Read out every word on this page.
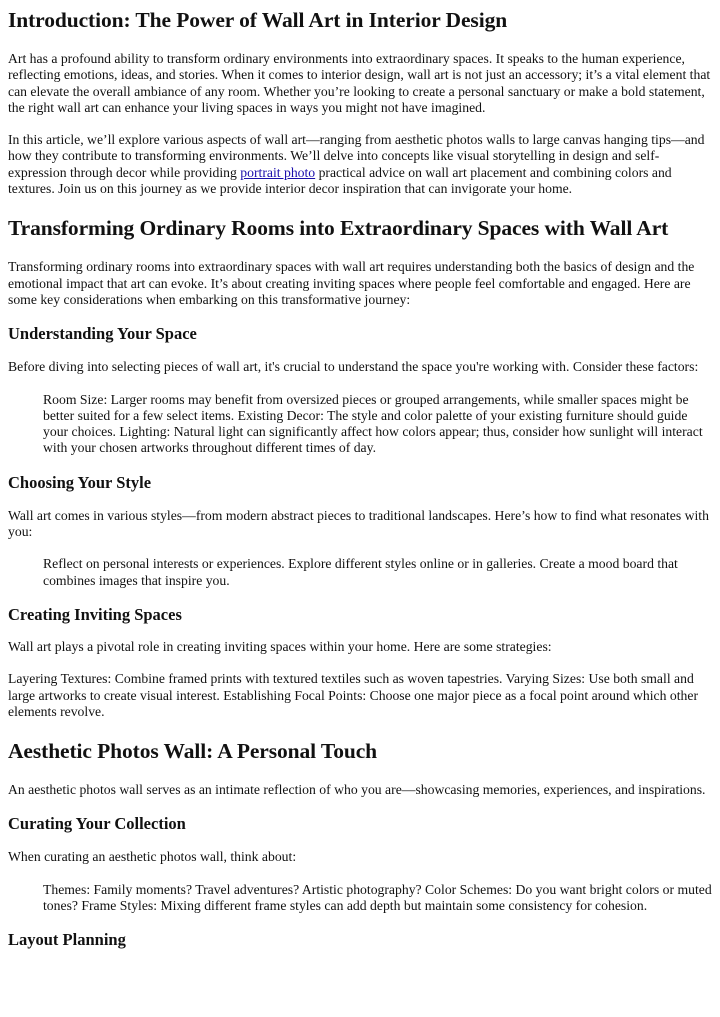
Introduction: The Power of Wall Art in Interior Design

Art has a profound ability to transform ordinary environments into extraordinary spaces. It speaks to the human experience, reflecting emotions, ideas, and stories. When it comes to interior design, wall art is not just an accessory; it’s a vital element that can elevate the overall ambiance of any room. Whether you’re looking to create a personal sanctuary or make a bold statement, the right wall art can enhance your living spaces in ways you might not have imagined.

In this article, we’ll explore various aspects of wall art—ranging from aesthetic photos walls to large canvas hanging tips—and how they contribute to transforming environments. We’ll delve into concepts like visual storytelling in design and self-expression through decor while providing portrait photo practical advice on wall art placement and combining colors and textures. Join us on this journey as we provide interior decor inspiration that can invigorate your home.

Transforming Ordinary Rooms into Extraordinary Spaces with Wall Art

Transforming ordinary rooms into extraordinary spaces with wall art requires understanding both the basics of design and the emotional impact that art can evoke. It’s about creating inviting spaces where people feel comfortable and engaged. Here are some key considerations when embarking on this transformative journey:

Understanding Your Space

Before diving into selecting pieces of wall art, it's crucial to understand the space you're working with. Consider these factors:

Room Size: Larger rooms may benefit from oversized pieces or grouped arrangements, while smaller spaces might be better suited for a few select items. Existing Decor: The style and color palette of your existing furniture should guide your choices. Lighting: Natural light can significantly affect how colors appear; thus, consider how sunlight will interact with your chosen artworks throughout different times of day.
Choosing Your Style

Wall art comes in various styles—from modern abstract pieces to traditional landscapes. Here’s how to find what resonates with you:

Reflect on personal interests or experiences. Explore different styles online or in galleries. Create a mood board that combines images that inspire you.
Creating Inviting Spaces

Wall art plays a pivotal role in creating inviting spaces within your home. Here are some strategies:

Layering Textures: Combine framed prints with textured textiles such as woven tapestries. Varying Sizes: Use both small and large artworks to create visual interest. Establishing Focal Points: Choose one major piece as a focal point around which other elements revolve.

Aesthetic Photos Wall: A Personal Touch

An aesthetic photos wall serves as an intimate reflection of who you are—showcasing memories, experiences, and inspirations.

Curating Your Collection

When curating an aesthetic photos wall, think about:

Themes: Family moments? Travel adventures? Artistic photography? Color Schemes: Do you want bright colors or muted tones? Frame Styles: Mixing different frame styles can add depth but maintain some consistency for cohesion.
Layout Planning
